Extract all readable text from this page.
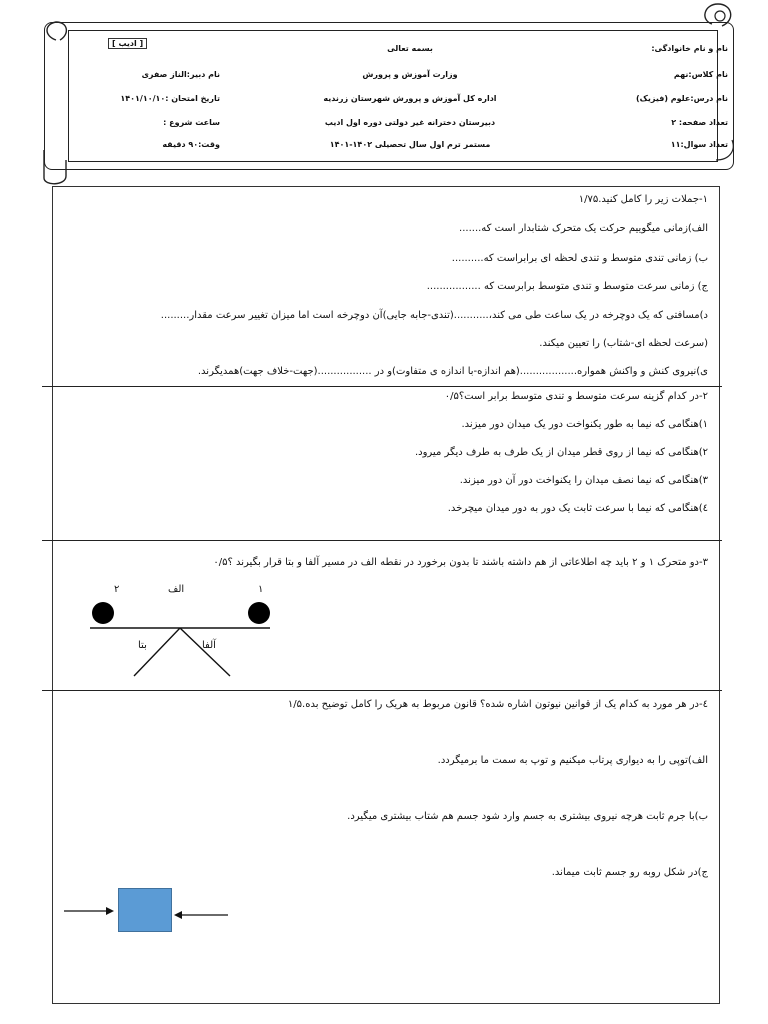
[ ادیب ]
نام و نام خانوادگی:
نام کلاس:نهم
نام درس:علوم (فیزیک)
تعداد صفحه: ۲
تعداد سوال:۱۱
بسمه تعالی
وزارت آموزش و پرورش
اداره کل آموزش و پرورش شهرستان زرندیه
دبیرستان دخترانه غیر دولتی دوره اول ادیب
مستمر ترم اول سال تحصیلی ۱۴۰۲-۱۴۰۱
نام دبیر:الناز صفری
تاریخ امتحان :۱۴۰۱/۱۰/۱۰
ساعت شروع :
وقت:۹۰ دقیقه
۱-جملات زیر را کامل کنید.۱/۷۵
الف)زمانی میگوییم حرکت یک متحرک شتابدار است که.......
ب) زمانی تندی متوسط و تندی لحظه ای برابراست که..........
ج) زمانی سرعت متوسط و تندی متوسط برابرست که .................
د)مسافتی که یک دوچرخه در یک ساعت طی می کند،...........(تندی-جابه جایی)آن دوچرخه است اما میزان تغییر سرعت مقدار.........
(سرعت لحظه ای-شتاب) را تعیین میکند.
ی)نیروی کنش و واکنش همواره..................(هم اندازه-با اندازه ی متفاوت)و در .................(جهت-خلاف جهت)همدیگرند.
۲-در کدام گزینه سرعت متوسط و تندی متوسط برابر است؟۰/۵
۱)هنگامی که نیما به طور یکنواخت دور یک میدان دور میزند.
۲)هنگامی که نیما از روی قطر میدان از یک طرف به طرف دیگر میرود.
۳)هنگامی که نیما نصف میدان را یکنواخت دور آن دور میزند.
٤)هنگامی که نیما با سرعت ثابت یک دور به دور میدان میچرخد.
۳-دو متحرک ۱ و ۲ باید چه اطلاعاتی از هم داشته باشند تا بدون برخورد در نقطه الف در مسیر آلفا و بتا قرار بگیرند ؟۰/۵
۲	الف	۱
بتا	آلفا
٤-در هر مورد به کدام یک از قوانین نیوتون اشاره شده؟ قانون مربوط به هریک را کامل توضیح بده.۱/۵
الف)توپی را به دیواری پرتاب میکنیم و توپ به سمت ما برمیگردد.
ب)با جرم ثابت هرچه نیروی بیشتری به جسم وارد شود جسم هم شتاب بیشتری میگیرد.
ج)در شکل روبه رو جسم ثابت میماند.
